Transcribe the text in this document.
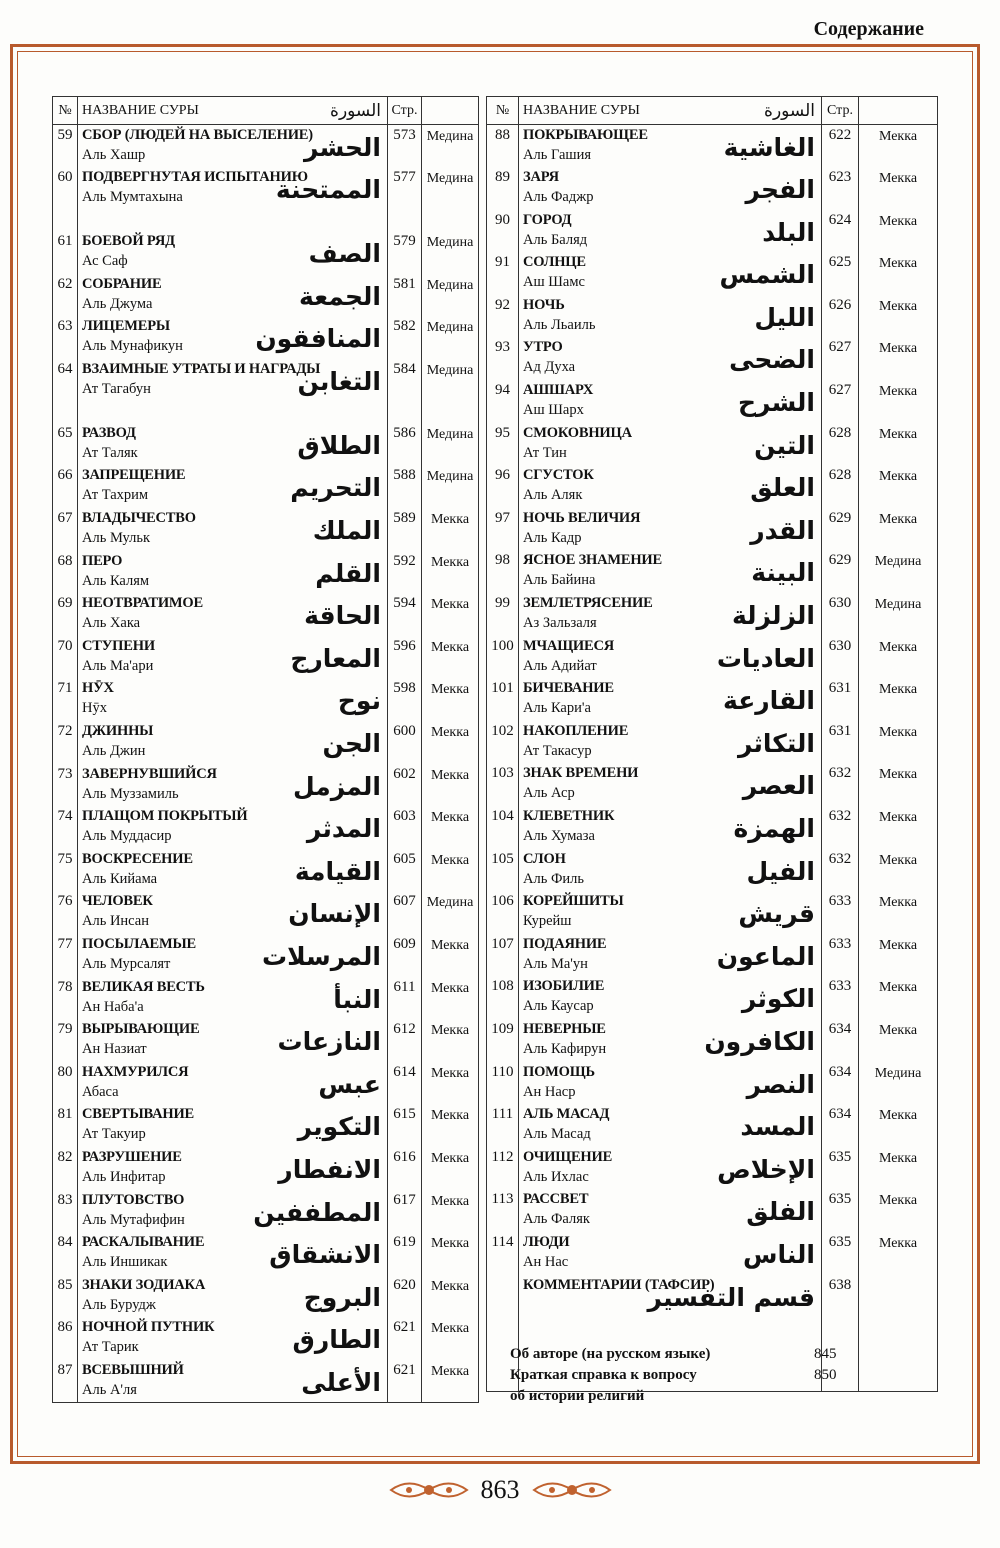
Содержание
№	НАЗВАНИЕ СУРЫ السورة	Стр.	
59	СБОР (ЛЮДЕЙ НА ВЫСЕЛЕНИЕ)
Аль Хашр الحشر	573	Медина
60	ПОДВЕРГНУТАЯ ИСПЫТАНИЮ
Аль Мумтахына الممتحنة	577	Медина
61	БОЕВОЙ РЯД
Ас Саф الصف	579	Медина
62	СОБРАНИЕ
Аль Джума الجمعة	581	Медина
63	ЛИЦЕМЕРЫ
Аль Мунафикун المنافقون	582	Медина
64	ВЗАИМНЫЕ УТРАТЫ И НАГРАДЫ
Ат Тагабун التغابن	584	Медина
65	РАЗВОД
Ат Таляк الطلاق	586	Медина
66	ЗАПРЕЩЕНИЕ
Ат Тахрим التحريم	588	Медина
67	ВЛАДЫЧЕСТВО
Аль Мульк الملك	589	Мекка
68	ПЕРО
Аль Калям القلم	592	Мекка
69	НЕОТВРАТИМОЕ
Аль Хака الحاقة	594	Мекка
70	СТУПЕНИ
Аль Ма'ари المعارج	596	Мекка
71	НӮХ
Нӯх نوح	598	Мекка
72	ДЖИННЫ
Аль Джин الجن	600	Мекка
73	ЗАВЕРНУВШИЙСЯ
Аль Муззамиль المزمل	602	Мекка
74	ПЛАЩОМ ПОКРЫТЫЙ
Аль Муддасир المدثر	603	Мекка
75	ВОСКРЕСЕНИЕ
Аль Кийама القيامة	605	Мекка
76	ЧЕЛОВЕК
Аль Инсан الإنسان	607	Медина
77	ПОСЫЛАЕМЫЕ
Аль Мурсалят المرسلات	609	Мекка
78	ВЕЛИКАЯ ВЕСТЬ
Ан Наба'а النبأ	611	Мекка
79	ВЫРЫВАЮЩИЕ
Ан Назиат النازعات	612	Мекка
80	НАХМУРИЛСЯ
Абаса عبس	614	Мекка
81	СВЕРТЫВАНИЕ
Ат Такуир التكوير	615	Мекка
82	РАЗРУШЕНИЕ
Аль Инфитар الانفطار	616	Мекка
83	ПЛУТОВСТВО
Аль Мутафифин المطففين	617	Мекка
84	РАСКАЛЫВАНИЕ
Аль Иншикак الانشقاق	619	Мекка
85	ЗНАКИ ЗОДИАКА
Аль Бурудж البروج	620	Мекка
86	НОЧНОЙ ПУТНИК
Ат Тарик الطارق	621	Мекка
87	ВСЕВЫШНИЙ
Аль А'ля الأعلى	621	Мекка
№	НАЗВАНИЕ СУРЫ السورة	Стр.	
88	ПОКРЫВАЮЩЕЕ
Аль Гашия الغاشية	622	Мекка
89	ЗАРЯ
Аль Фаджр الفجر	623	Мекка
90	ГОРОД
Аль Баляд البلد	624	Мекка
91	СОЛНЦЕ
Аш Шамс الشمس	625	Мекка
92	НОЧЬ
Аль Льаиль الليل	626	Мекка
93	УТРО
Ад Духа الضحى	627	Мекка
94	АШШАРХ
Аш Шарх الشرح	627	Мекка
95	СМОКОВНИЦА
Ат Тин التين	628	Мекка
96	СГУСТОК
Аль Аляк العلق	628	Мекка
97	НОЧЬ ВЕЛИЧИЯ
Аль Кадр القدر	629	Мекка
98	ЯСНОЕ ЗНАМЕНИЕ
Аль Байина البينة	629	Медина
99	ЗЕМЛЕТРЯСЕНИЕ
Аз Зальзаля الزلزلة	630	Медина
100	МЧАЩИЕСЯ
Аль Адийат العاديات	630	Мекка
101	БИЧЕВАНИЕ
Аль Кари'а القارعة	631	Мекка
102	НАКОПЛЕНИЕ
Ат Такасур التكاثر	631	Мекка
103	ЗНАК ВРЕМЕНИ
Аль Аср العصر	632	Мекка
104	КЛЕВЕТНИК
Аль Хумаза الهمزة	632	Мекка
105	СЛОН
Аль Филь الفيل	632	Мекка
106	КОРЕЙШИТЫ
Курейш قريش	633	Мекка
107	ПОДАЯНИЕ
Аль Ма'ун الماعون	633	Мекка
108	ИЗОБИЛИЕ
Аль Каусар الكوثر	633	Мекка
109	НЕВЕРНЫЕ
Аль Кафирун الكافرون	634	Мекка
110	ПОМОЩЬ
Ан Наср النصر	634	Медина
111	АЛЬ МАСАД
Аль Масад المسد	634	Мекка
112	ОЧИЩЕНИЕ
Аль Ихлас الإخلاص	635	Мекка
113	РАССВЕТ
Аль Фаляк الفلق	635	Мекка
114	ЛЮДИ
Ан Нас الناس	635	Мекка

	КОММЕНТАРИИ (ТАФСИР)
قسم التفسير	638	

Об авторе (на русском языке)	845
Краткая справка к вопросу об истории религий
850
863
